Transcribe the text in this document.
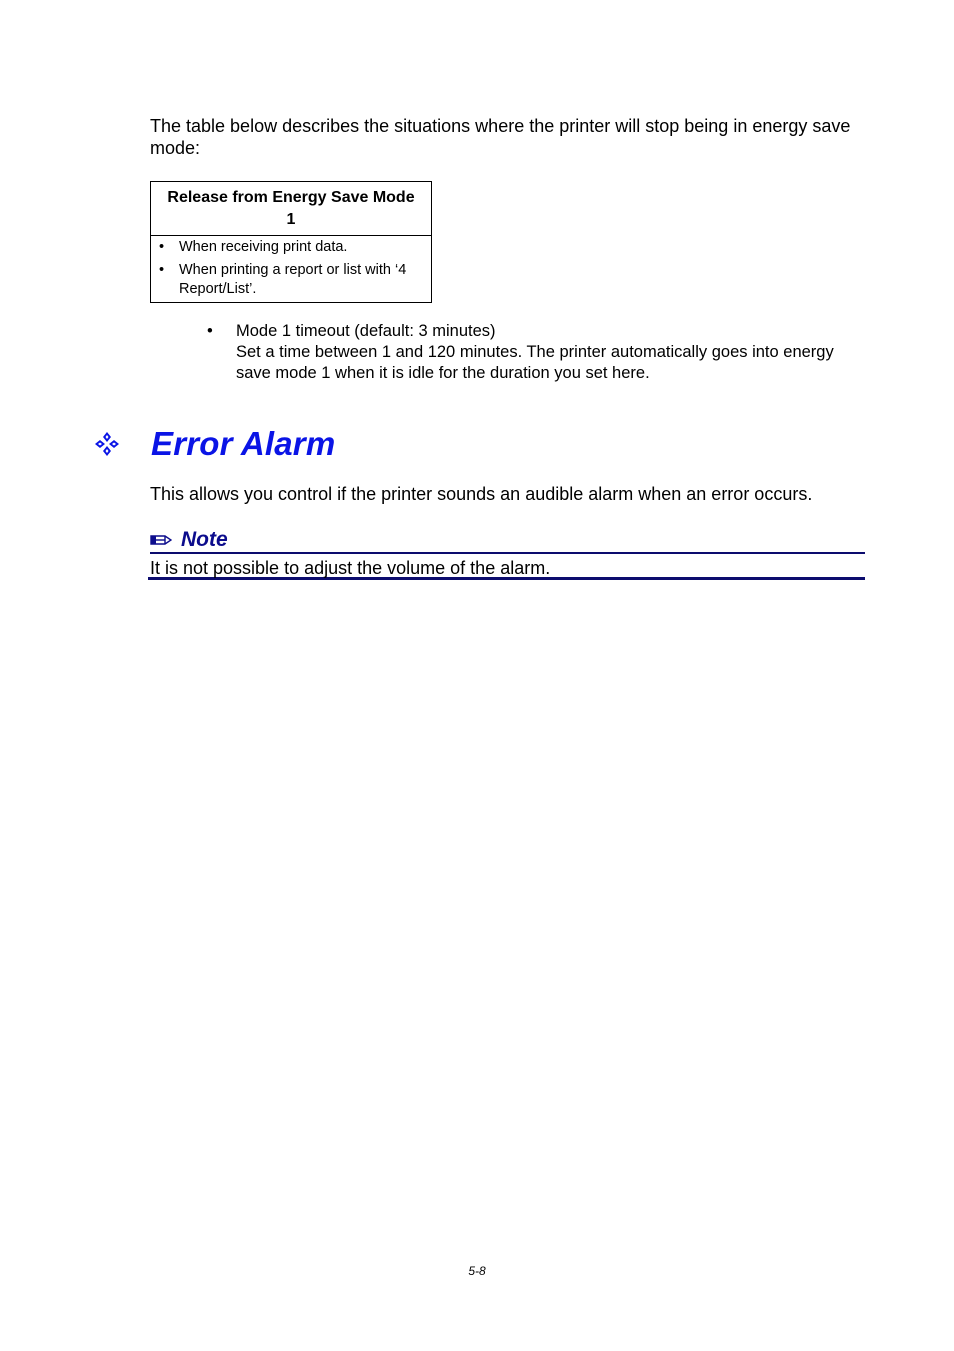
The table below describes the situations where the printer will stop being in energy save mode:

Release from Energy Save Mode 1

• When receiving print data.
• When printing a report or list with ‘4 Report/List’.
• Mode 1 timeout (default: 3 minutes)
Set a time between 1 and 120 minutes. The printer automatically goes into energy save mode 1 when it is idle for the duration you set here.
Error Alarm

This allows you control if the printer sounds an audible alarm when an error occurs.

Note
It is not possible to adjust the volume of the alarm.
5-8
